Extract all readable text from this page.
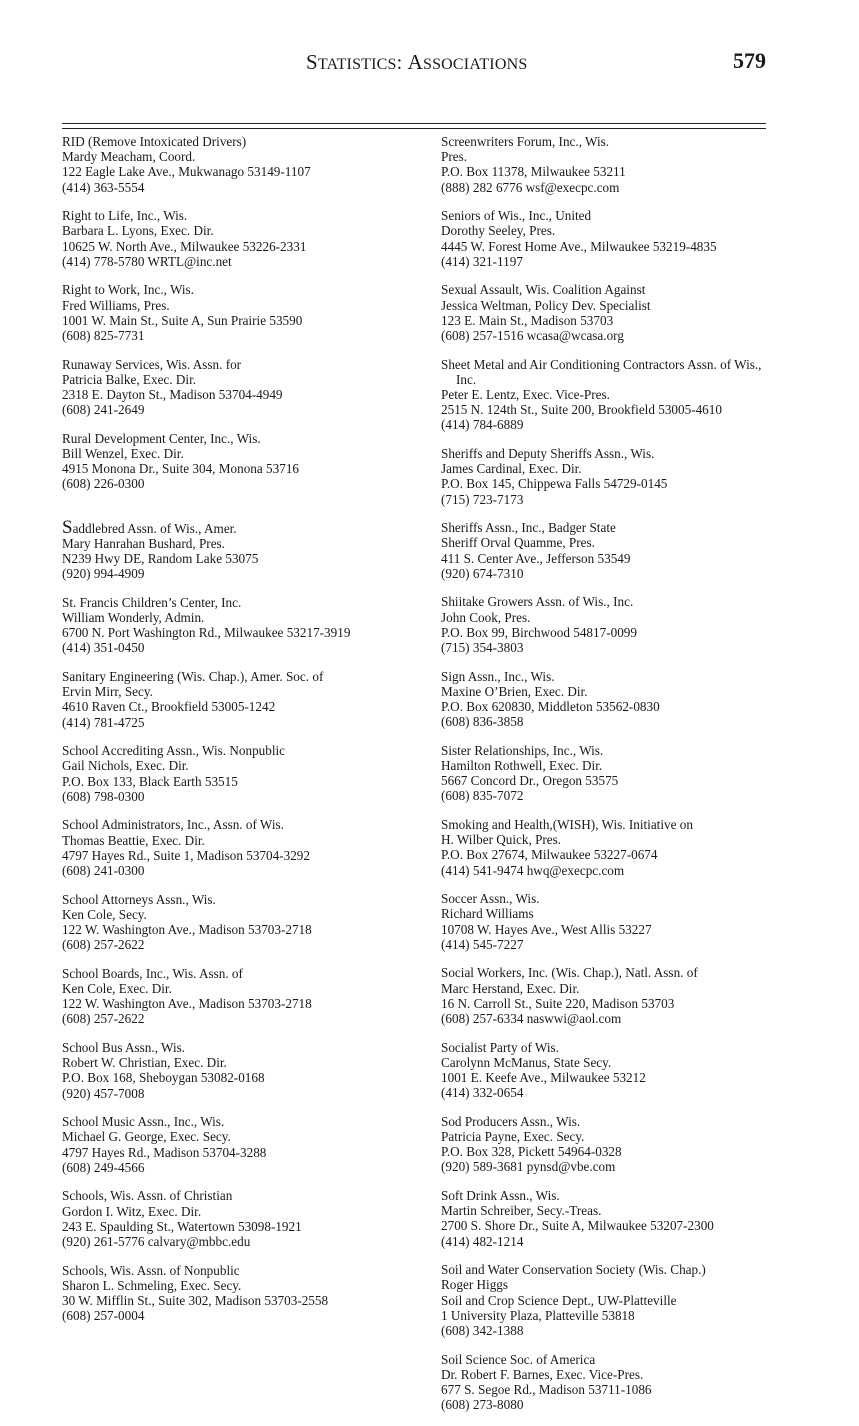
STATISTICS: ASSOCIATIONS	579
RID (Remove Intoxicated Drivers)
Mardy Meacham, Coord.
122 Eagle Lake Ave., Mukwanago 53149-1107
(414) 363-5554
Right to Life, Inc., Wis.
Barbara L. Lyons, Exec. Dir.
10625 W. North Ave., Milwaukee 53226-2331
(414) 778-5780 WRTL@inc.net
Right to Work, Inc., Wis.
Fred Williams, Pres.
1001 W. Main St., Suite A, Sun Prairie 53590
(608) 825-7731
Runaway Services, Wis. Assn. for
Patricia Balke, Exec. Dir.
2318 E. Dayton St., Madison 53704-4949
(608) 241-2649
Rural Development Center, Inc., Wis.
Bill Wenzel, Exec. Dir.
4915 Monona Dr., Suite 304, Monona 53716
(608) 226-0300
Saddlebred Assn. of Wis., Amer.
Mary Hanrahan Bushard, Pres.
N239 Hwy DE, Random Lake 53075
(920) 994-4909
St. Francis Children’s Center, Inc.
William Wonderly, Admin.
6700 N. Port Washington Rd., Milwaukee 53217-3919
(414) 351-0450
Sanitary Engineering (Wis. Chap.), Amer. Soc. of
Ervin Mirr, Secy.
4610 Raven Ct., Brookfield 53005-1242
(414) 781-4725
School Accrediting Assn., Wis. Nonpublic
Gail Nichols, Exec. Dir.
P.O. Box 133, Black Earth 53515
(608) 798-0300
School Administrators, Inc., Assn. of Wis.
Thomas Beattie, Exec. Dir.
4797 Hayes Rd., Suite 1, Madison 53704-3292
(608) 241-0300
School Attorneys Assn., Wis.
Ken Cole, Secy.
122 W. Washington Ave., Madison 53703-2718
(608) 257-2622
School Boards, Inc., Wis. Assn. of
Ken Cole, Exec. Dir.
122 W. Washington Ave., Madison 53703-2718
(608) 257-2622
School Bus Assn., Wis.
Robert W. Christian, Exec. Dir.
P.O. Box 168, Sheboygan 53082-0168
(920) 457-7008
School Music Assn., Inc., Wis.
Michael G. George, Exec. Secy.
4797 Hayes Rd., Madison 53704-3288
(608) 249-4566
Schools, Wis. Assn. of Christian
Gordon I. Witz, Exec. Dir.
243 E. Spaulding St., Watertown 53098-1921
(920) 261-5776 calvary@mbbc.edu
Schools, Wis. Assn. of Nonpublic
Sharon L. Schmeling, Exec. Secy.
30 W. Mifflin St., Suite 302, Madison 53703-2558
(608) 257-0004
Screenwriters Forum, Inc., Wis.
Pres.
P.O. Box 11378, Milwaukee 53211
(888) 282 6776 wsf@execpc.com
Seniors of Wis., Inc., United
Dorothy Seeley, Pres.
4445 W. Forest Home Ave., Milwaukee 53219-4835
(414) 321-1197
Sexual Assault, Wis. Coalition Against
Jessica Weltman, Policy Dev. Specialist
123 E. Main St., Madison 53703
(608) 257-1516 wcasa@wcasa.org
Sheet Metal and Air Conditioning Contractors Assn. of Wis.,
Inc.
Peter E. Lentz, Exec. Vice-Pres.
2515 N. 124th St., Suite 200, Brookfield 53005-4610
(414) 784-6889
Sheriffs and Deputy Sheriffs Assn., Wis.
James Cardinal, Exec. Dir.
P.O. Box 145, Chippewa Falls 54729-0145
(715) 723-7173
Sheriffs Assn., Inc., Badger State
Sheriff Orval Quamme, Pres.
411 S. Center Ave., Jefferson 53549
(920) 674-7310
Shiitake Growers Assn. of Wis., Inc.
John Cook, Pres.
P.O. Box 99, Birchwood 54817-0099
(715) 354-3803
Sign Assn., Inc., Wis.
Maxine O’Brien, Exec. Dir.
P.O. Box 620830, Middleton 53562-0830
(608) 836-3858
Sister Relationships, Inc., Wis.
Hamilton Rothwell, Exec. Dir.
5667 Concord Dr., Oregon 53575
(608) 835-7072
Smoking and Health,(WISH), Wis. Initiative on
H. Wilber Quick, Pres.
P.O. Box 27674, Milwaukee 53227-0674
(414) 541-9474 hwq@execpc.com
Soccer Assn., Wis.
Richard Williams
10708 W. Hayes Ave., West Allis 53227
(414) 545-7227
Social Workers, Inc. (Wis. Chap.), Natl. Assn. of
Marc Herstand, Exec. Dir.
16 N. Carroll St., Suite 220, Madison 53703
(608) 257-6334 naswwi@aol.com
Socialist Party of Wis.
Carolynn McManus, State Secy.
1001 E. Keefe Ave., Milwaukee 53212
(414) 332-0654
Sod Producers Assn., Wis.
Patricia Payne, Exec. Secy.
P.O. Box 328, Pickett 54964-0328
(920) 589-3681 pynsd@vbe.com
Soft Drink Assn., Wis.
Martin Schreiber, Secy.-Treas.
2700 S. Shore Dr., Suite A, Milwaukee 53207-2300
(414) 482-1214
Soil and Water Conservation Society (Wis. Chap.)
Roger Higgs
Soil and Crop Science Dept., UW-Platteville
1 University Plaza, Platteville 53818
(608) 342-1388
Soil Science Soc. of America
Dr. Robert F. Barnes, Exec. Vice-Pres.
677 S. Segoe Rd., Madison 53711-1086
(608) 273-8080
